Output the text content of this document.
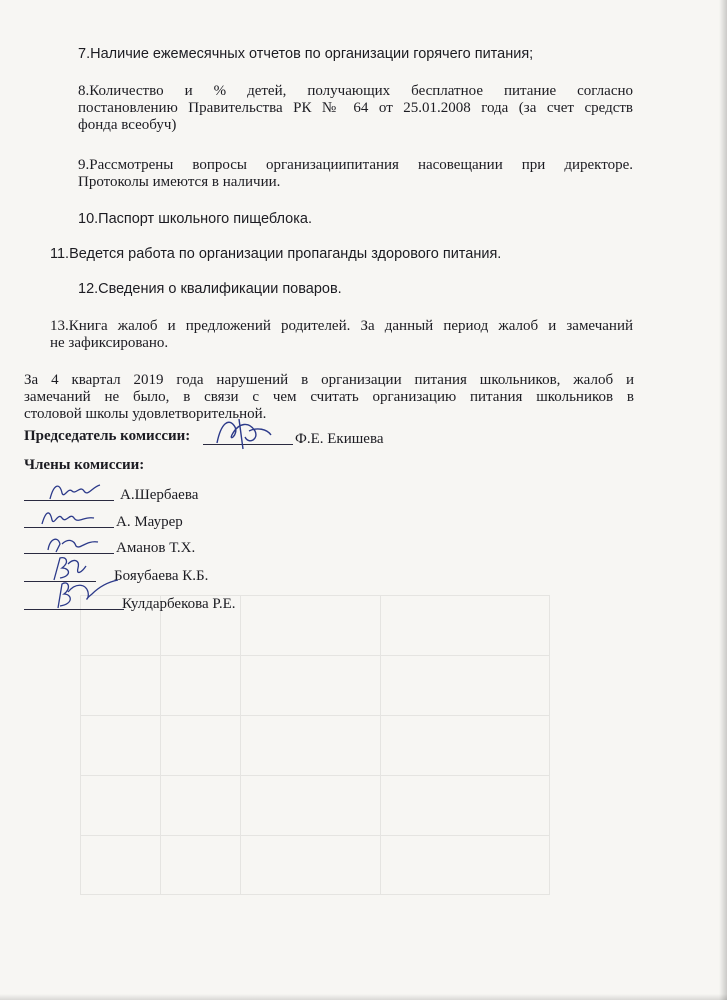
7.Наличие ежемесячных отчетов по организации горячего питания;
8.Количество и % детей, получающих бесплатное питание согласно
постановлению Правительства РК № 64 от 25.01.2008 года (за счет средств
фонда всеобуч)
9.Рассмотрены вопросы организациипитания насовещании при директоре.
Протоколы имеются в наличии.
10.Паспорт школьного пищеблока.
11.Ведется работа по организации пропаганды здорового питания.
12.Сведения о квалификации поваров.
13.Книга жалоб и предложений родителей. За данный период жалоб и замечаний
не зафиксировано.
За 4 квартал 2019 года нарушений в организации питания школьников, жалоб и
замечаний не было, в связи с чем считать организацию питания школьников в
столовой школы удовлетворительной.
Председатель комиссии:	Ф.Е. Екишева
Члены комиссии:
А.Шербаева
А. Маурер
Аманов Т.Х.
Бояубаева К.Б.
Кулдарбекова Р.Е.
